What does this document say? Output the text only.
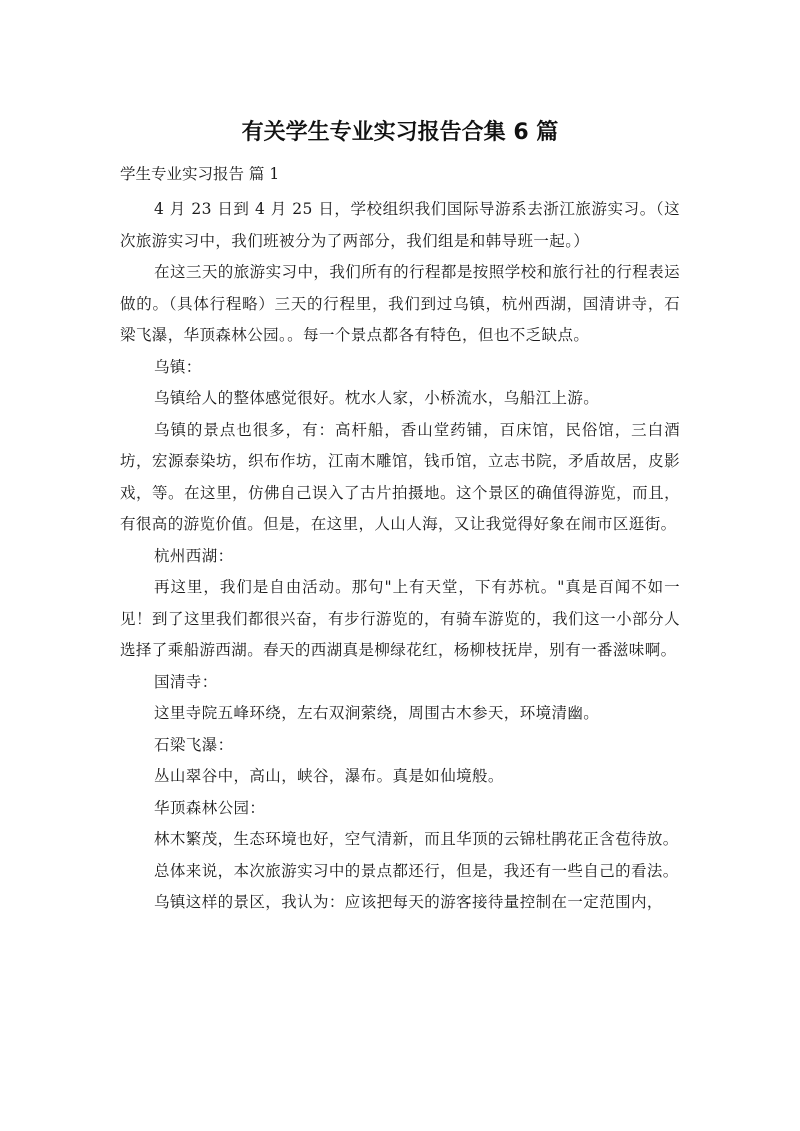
有关学生专业实习报告合集 6 篇

学生专业实习报告 篇 1

4 月 23 日到 4 月 25 日，学校组织我们国际导游系去浙江旅游实习。（这次旅游实习中，我们班被分为了两部分，我们组是和韩导班一起。）

在这三天的旅游实习中，我们所有的行程都是按照学校和旅行社的行程表运做的。（具体行程略）三天的行程里，我们到过乌镇，杭州西湖，国清讲寺，石梁飞瀑，华顶森林公园。。每一个景点都各有特色，但也不乏缺点。

乌镇：

乌镇给人的整体感觉很好。枕水人家，小桥流水，乌船江上游。

乌镇的景点也很多，有：高杆船，香山堂药铺，百床馆，民俗馆，三白酒坊，宏源泰染坊，织布作坊，江南木雕馆，钱币馆，立志书院，矛盾故居，皮影戏，等。在这里，仿佛自己误入了古片拍摄地。这个景区的确值得游览，而且，有很高的游览价值。但是，在这里，人山人海，又让我觉得好象在闹市区逛街。

杭州西湖：

再这里，我们是自由活动。那句"上有天堂，下有苏杭。"真是百闻不如一见！到了这里我们都很兴奋，有步行游览的，有骑车游览的，我们这一小部分人选择了乘船游西湖。春天的西湖真是柳绿花红，杨柳枝抚岸，别有一番滋味啊。

国清寺：

这里寺院五峰环绕，左右双涧萦绕，周围古木参天，环境清幽。

石梁飞瀑：

丛山翠谷中，高山，峡谷，瀑布。真是如仙境般。

华顶森林公园：

林木繁茂，生态环境也好，空气清新，而且华顶的云锦杜鹃花正含苞待放。

总体来说，本次旅游实习中的景点都还行，但是，我还有一些自己的看法。

乌镇这样的景区，我认为：应该把每天的游客接待量控制在一定范围内，
